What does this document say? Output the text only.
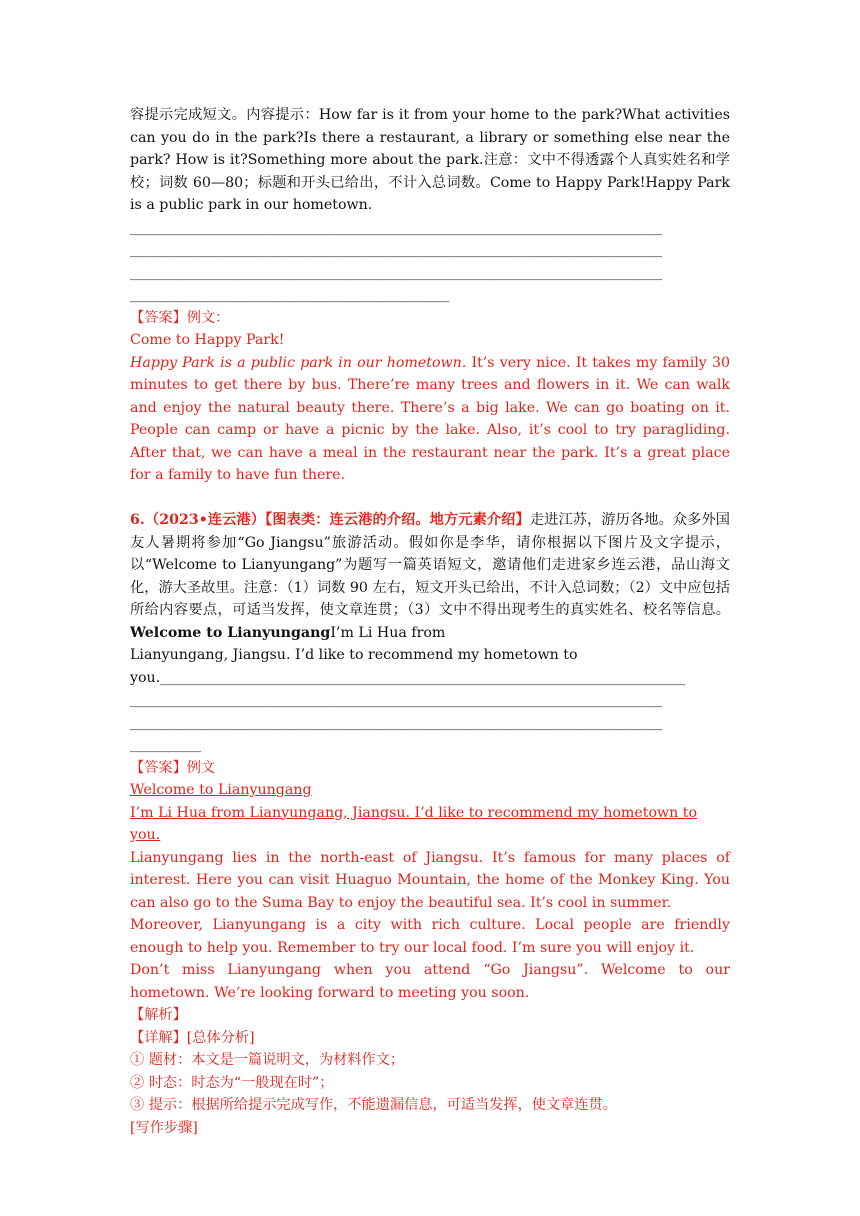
容提示完成短文。内容提示：How far is it from your home to the park?What activities can you do in the park?Is there a restaurant, a library or something else near the park? How is it?Something more about the park.注意：文中不得透露个人真实姓名和学校；词数 60—80；标题和开头已给出，不计入总词数。Come to Happy Park!Happy Park is a public park in our hometown.

___________________________________________________________________________

___________________________________________________________________________

___________________________________________________________________________

_____________________________________________

【答案】例文：

Come to Happy Park!

Happy Park is a public park in our hometown. It’s very nice. It takes my family 30 minutes to get there by bus. There’re many trees and flowers in it. We can walk and enjoy the natural beauty there. There’s a big lake. We can go boating on it. People can camp or have a picnic by the lake. Also, it’s cool to try paragliding. After that, we can have a meal in the restaurant near the park. It’s a great place for a family to have fun there.

6.（2023•连云港）【图表类：连云港的介绍。地方元素介绍】走进江苏，游历各地。众多外国友人暑期将参加“Go Jiangsu”旅游活动。假如你是李华，请你根据以下图片及文字提示，以“Welcome to Lianyungang”为题写一篇英语短文，邀请他们走进家乡连云港，品山海文化，游大圣故里。注意：（1）词数 90 左右，短文开头已给出，不计入总词数；（2）文中应包括所给内容要点，可适当发挥，使文章连贯；（3）文中不得出现考生的真实姓名、校名等信息。Welcome to LianyungangI’m Li Hua from

Lianyungang, Jiangsu. I’d like to recommend my hometown to

you.__________________________________________________________________________

___________________________________________________________________________

___________________________________________________________________________

__________

【答案】例文

Welcome to Lianyungang

I’m Li Hua from Lianyungang, Jiangsu. I’d like to recommend my hometown to you.

Lianyungang lies in the north-east of Jiangsu. It’s famous for many places of interest. Here you can visit Huaguo Mountain, the home of the Monkey King. You can also go to the Suma Bay to enjoy the beautiful sea. It’s cool in summer.

Moreover, Lianyungang is a city with rich culture. Local people are friendly enough to help you. Remember to try our local food. I’m sure you will enjoy it.

Don’t miss Lianyungang when you attend “Go Jiangsu”. Welcome to our hometown. We’re looking forward to meeting you soon.

【解析】

【详解】[总体分析]

① 题材：本文是一篇说明文，为材料作文；

② 时态：时态为“一般现在时”；

③ 提示：根据所给提示完成写作，不能遗漏信息，可适当发挥，使文章连贯。

[写作步骤]
